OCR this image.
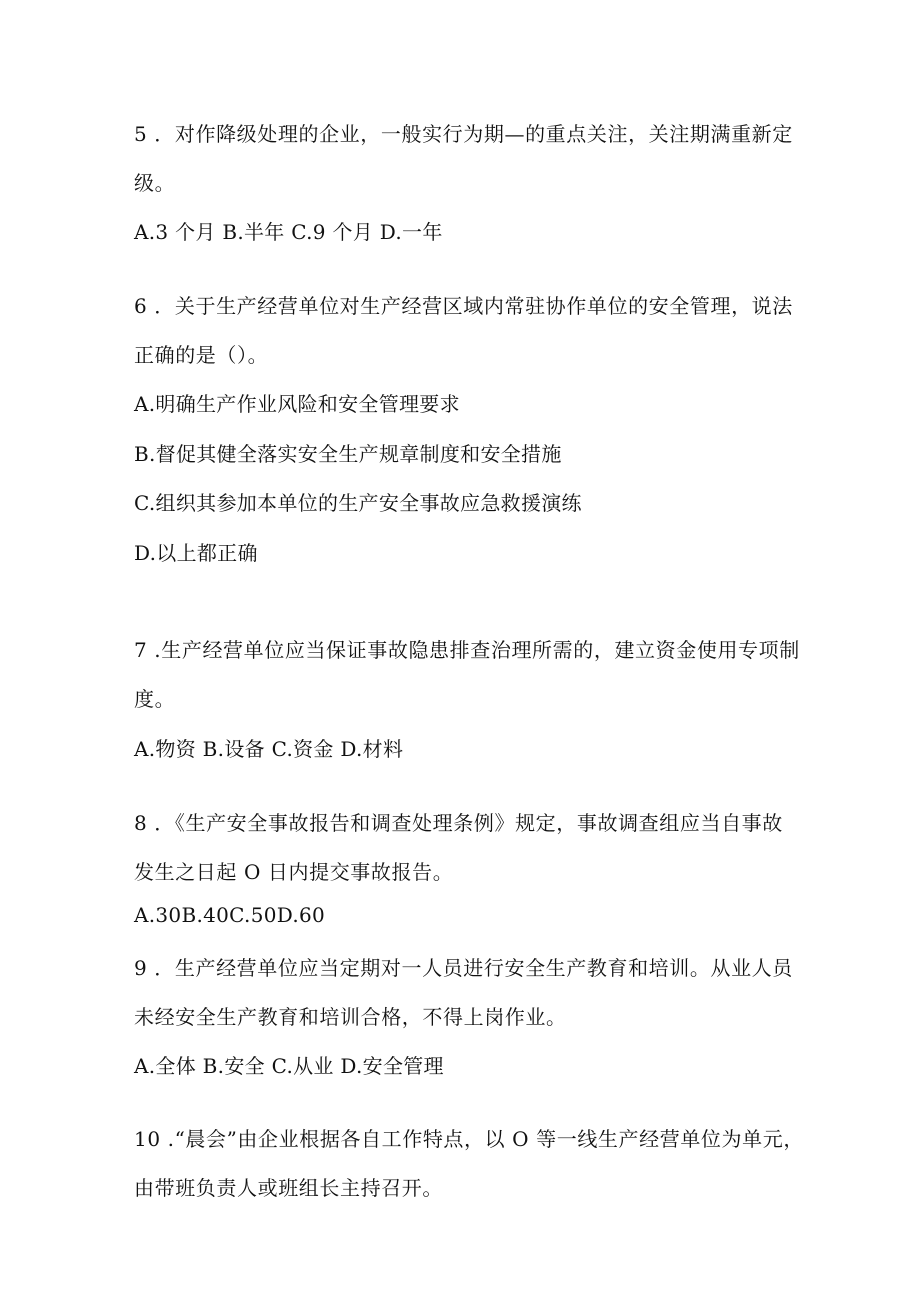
5 ．对作降级处理的企业，一般实行为期—的重点关注，关注期满重新定
级。
A.3 个月 B.半年 C.9 个月 D.一年
6 ．关于生产经营单位对生产经营区域内常驻协作单位的安全管理，说法
正确的是（）。
A.明确生产作业风险和安全管理要求
B.督促其健全落实安全生产规章制度和安全措施
C.组织其参加本单位的生产安全事故应急救援演练
D.以上都正确
7 .生产经营单位应当保证事故隐患排查治理所需的，建立资金使用专项制
度。
A.物资 B.设备 C.资金 D.材料
8 ．《生产安全事故报告和调查处理条例》规定，事故调查组应当自事故
发生之日起 O 日内提交事故报告。
A.30B.40C.50D.60
9 ．生产经营单位应当定期对一人员进行安全生产教育和培训。从业人员
未经安全生产教育和培训合格，不得上岗作业。
A.全体 B.安全 C.从业 D.安全管理
10 .“晨会”由企业根据各自工作特点，以 O 等一线生产经营单位为单元，
由带班负责人或班组长主持召开。
